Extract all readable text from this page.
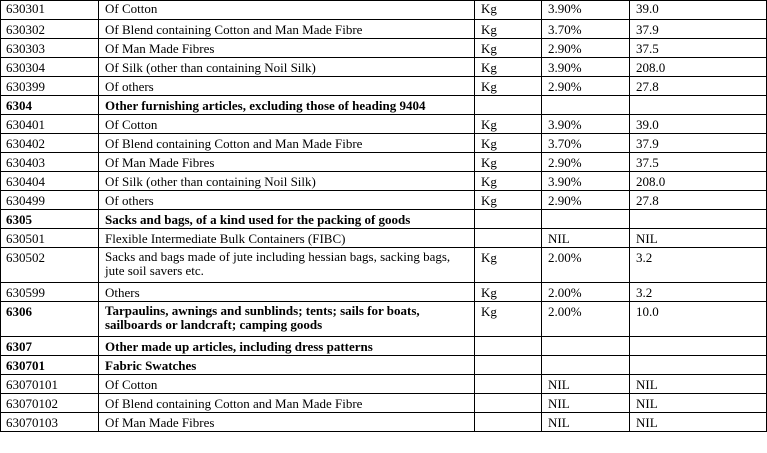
630301	Of Cotton	Kg	3.90%	39.0
630302	Of Blend containing Cotton and Man Made Fibre	Kg	3.70%	37.9
630303	Of Man Made Fibres	Kg	2.90%	37.5
630304	Of Silk (other than containing Noil Silk)	Kg	3.90%	208.0
630399	Of others	Kg	2.90%	27.8
6304	Other furnishing articles, excluding those of heading 9404			
630401	Of Cotton	Kg	3.90%	39.0
630402	Of Blend containing Cotton and Man Made Fibre	Kg	3.70%	37.9
630403	Of Man Made Fibres	Kg	2.90%	37.5
630404	Of Silk (other than containing Noil Silk)	Kg	3.90%	208.0
630499	Of others	Kg	2.90%	27.8
6305	Sacks and bags, of a kind used for the packing of goods			
630501	Flexible Intermediate Bulk Containers (FIBC)		NIL	NIL
630502	Sacks and bags made of jute including hessian bags, sacking bags, jute soil savers etc.	Kg	2.00%	3.2
630599	Others	Kg	2.00%	3.2
6306	Tarpaulins, awnings and sunblinds; tents; sails for boats, sailboards or landcraft; camping goods	Kg	2.00%	10.0
6307	Other made up articles, including dress patterns			
630701	Fabric Swatches			
63070101	Of Cotton		NIL	NIL
63070102	Of Blend containing Cotton and Man Made Fibre		NIL	NIL
63070103	Of Man Made Fibres		NIL	NIL
